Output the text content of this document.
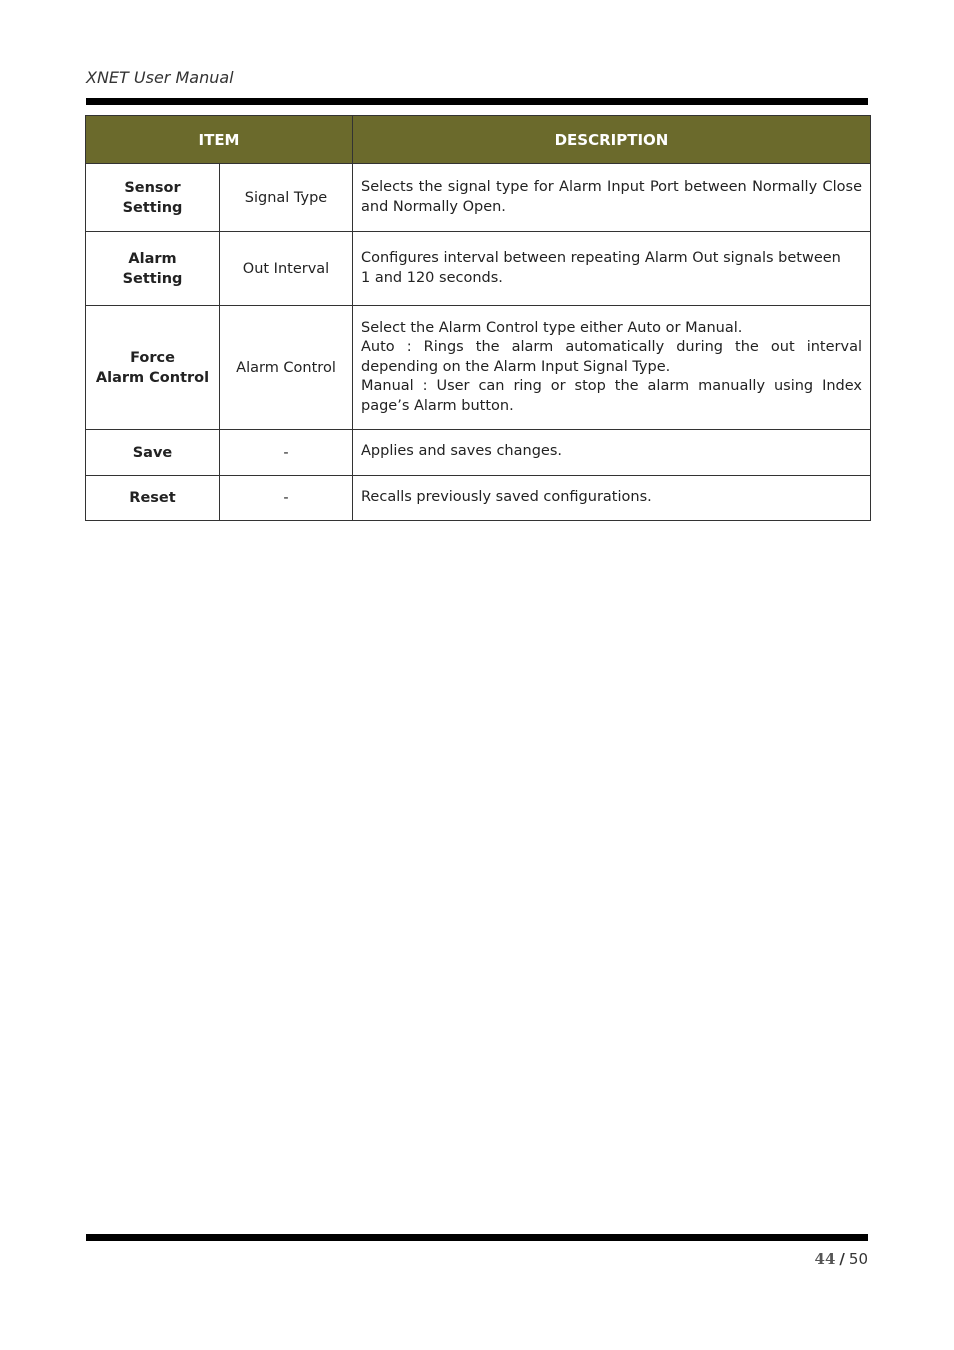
XNET User Manual
ITEM		DESCRIPTION

Sensor
Setting	Signal Type	Selects the signal type for Alarm Input Port between Normally Close and Normally Open.

Alarm
Setting	Out Interval	Configures interval between repeating Alarm Out signals between
1 and 120 seconds.

Force
Alarm Control	Alarm Control	Select the Alarm Control type either Auto or Manual.
Auto : Rings the alarm automatically during the out interval depending on the Alarm Input Signal Type.
Manual : User can ring or stop the alarm manually using Index page’s Alarm button.

Save	-	Applies and saves changes.

Reset	-	Recalls previously saved configurations.
44 / 50
